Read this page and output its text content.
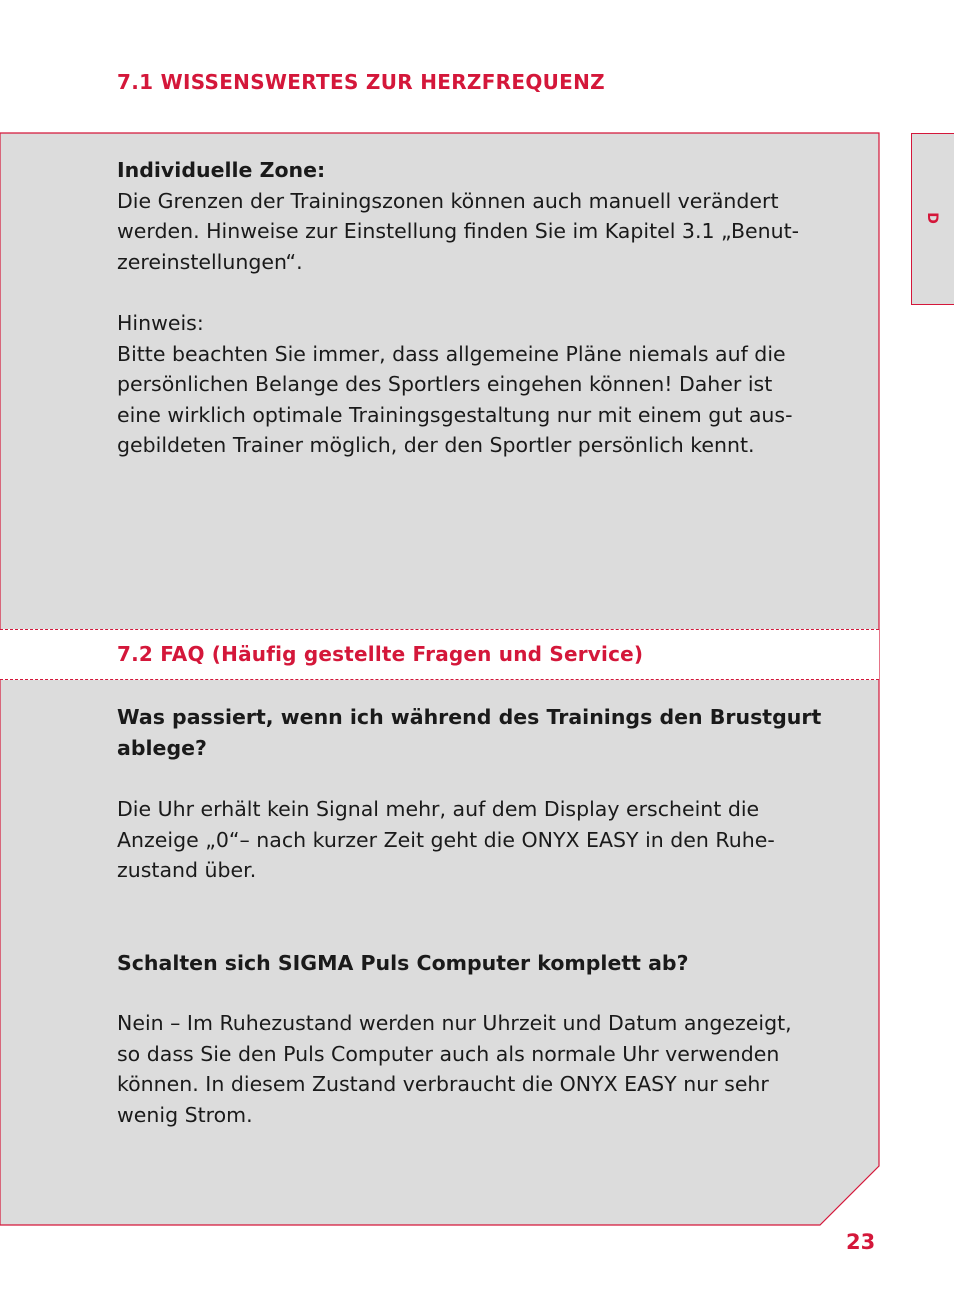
7.1 WISSENSWERTES ZUR HERZFREQUENZ
D

Individuelle Zone:

Die Grenzen der Trainingszonen können auch manuell verändert

werden. Hinweise zur Einstellung finden Sie im Kapitel 3.1 „Benut-

zereinstellungen“.

Hinweis:

Bitte beachten Sie immer, dass allgemeine Pläne niemals auf die

persönlichen Belange des Sportlers eingehen können! Daher ist

eine wirklich optimale Trainingsgestaltung nur mit einem gut aus-

gebildeten Trainer möglich, der den Sportler persönlich kennt.

7.2 FAQ (Häufig gestellte Fragen und Service)

Was passiert, wenn ich während des Trainings den Brustgurt

ablege?

Die Uhr erhält kein Signal mehr, auf dem Display erscheint die

Anzeige „0“– nach kurzer Zeit geht die ONYX EASY in den Ruhe-

zustand über.

Schalten sich SIGMA Puls Computer komplett ab?

Nein – Im Ruhezustand werden nur Uhrzeit und Datum angezeigt,

so dass Sie den Puls Computer auch als normale Uhr verwenden

können. In diesem Zustand verbraucht die ONYX EASY nur sehr

wenig Strom.

23
